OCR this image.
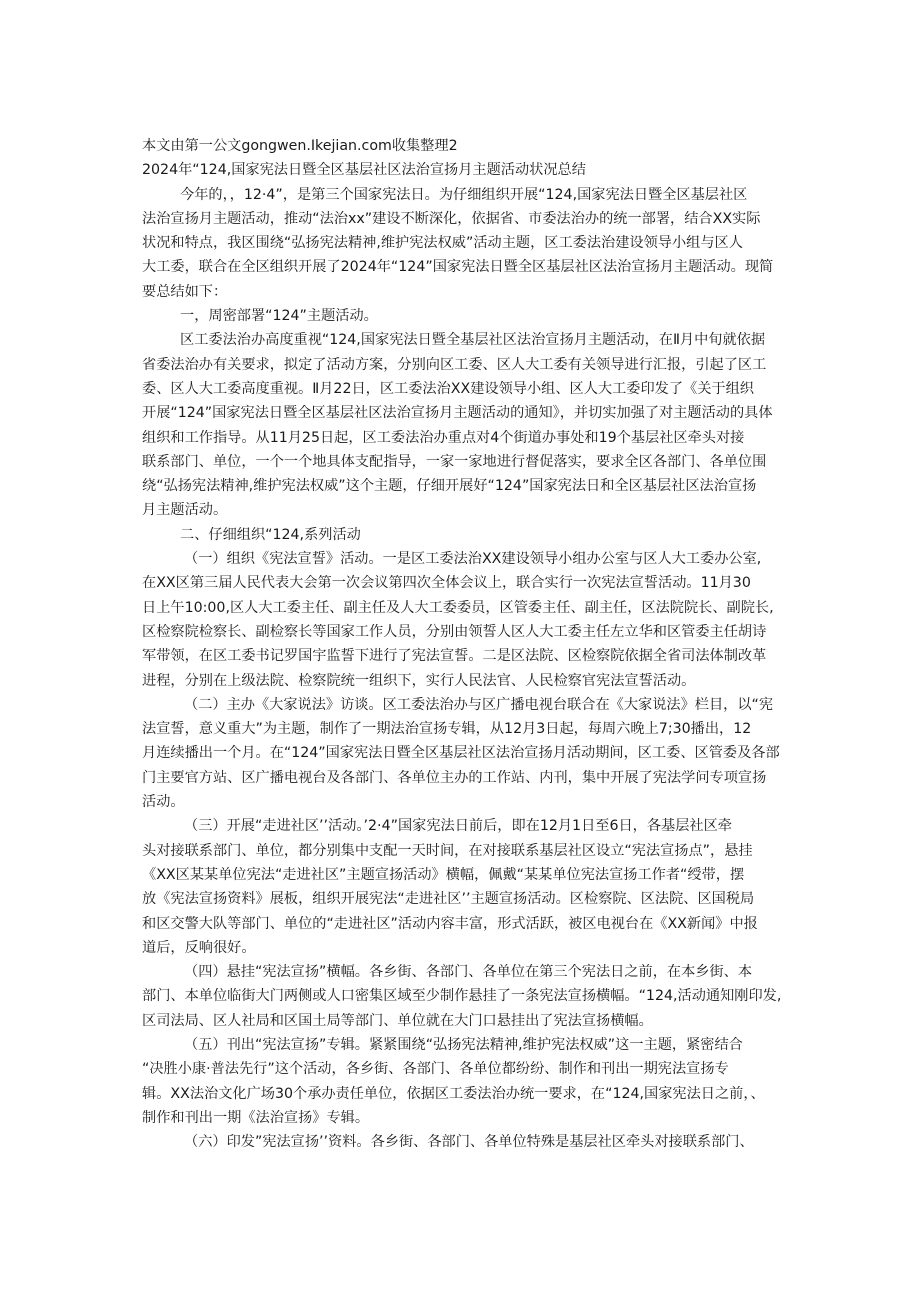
本文由第一公文gongwen.Ikejian.com收集整理2
2024年“124,国家宪法日暨全区基层社区法治宣扬月主题活动状况总结
今年的，，12·4”，是第三个国家宪法日。为仔细组织开展“124,国家宪法日暨全区基层社区
法治宣扬月主题活动，推动“法治xx”建设不断深化，依据省、市委法治办的统一部署，结合XX实际
状况和特点，我区围绕“弘扬宪法精神,维护宪法权威”活动主题，区工委法治建设领导小组与区人
大工委，联合在全区组织开展了2024年“124”国家宪法日暨全区基层社区法治宣扬月主题活动。现简
要总结如下：
一，周密部署“124”主题活动。
区工委法治办高度重视“124,国家宪法日暨全基层社区法治宣扬月主题活动，在Ⅱ月中旬就依据
省委法治办有关要求，拟定了活动方案，分别向区工委、区人大工委有关领导进行汇报，引起了区工
委、区人大工委高度重视。Ⅱ月22日，区工委法治XX建设领导小组、区人大工委印发了《关于组织
开展“124”国家宪法日暨全区基层社区法治宣扬月主题活动的通知》，并切实加强了对主题活动的具体
组织和工作指导。从11月25日起，区工委法治办重点对4个街道办事处和19个基层社区牵头对接
联系部门、单位，一个一个地具体支配指导，一家一家地进行督促落实，要求全区各部门、各单位围
绕“弘扬宪法精神,维护宪法权威”这个主题，仔细开展好“124”国家宪法日和全区基层社区法治宣扬
月主题活动。
二、仔细组织“124,系列活动
（一）组织《宪法宣誓》活动。一是区工委法治XX建设领导小组办公室与区人大工委办公室,
在XX区第三届人民代表大会第一次会议第四次全体会议上，联合实行一次宪法宣誓活动。11月30
日上午10:00,区人大工委主任、副主任及人大工委委员，区管委主任、副主任，区法院院长、副院长,
区检察院检察长、副检察长等国家工作人员，分别由领誓人区人大工委主任左立华和区管委主任胡诗
军带领，在区工委书记罗国宇监誓下进行了宪法宣誓。二是区法院、区检察院依据全省司法体制改革
进程，分别在上级法院、检察院统一组织下，实行人民法官、人民检察官宪法宣誓活动。
（二）主办《大家说法》访谈。区工委法治办与区广播电视台联合在《大家说法》栏目，以“宪
法宣誓，意义重大”为主题，制作了一期法治宣扬专辑，从12月3日起，每周六晚上7;30播出，12
月连续播出一个月。在“124”国家宪法日暨全区基层社区法治宣扬月活动期间，区工委、区管委及各部
门主要官方站、区广播电视台及各部门、各单位主办的工作站、内刊，集中开展了宪法学问专项宣扬
活动。
（三）开展“走进社区’’活动。’2·4”国家宪法日前后，即在12月1日至6日，各基层社区牵
头对接联系部门、单位，都分别集中支配一天时间，在对接联系基层社区设立“宪法宣扬点”，悬挂
《XX区某某单位宪法“走进社区”主题宣扬活动》横幅，佩戴“某某单位宪法宣扬工作者“绶带，摆
放《宪法宣扬资料》展板，组织开展宪法“走进社区’’主题宣扬活动。区检察院、区法院、区国税局
和区交警大队等部门、单位的“走进社区”活动内容丰富，形式活跃，被区电视台在《XX新闻》中报
道后，反响很好。
（四）悬挂“宪法宣扬”横幅。各乡街、各部门、各单位在第三个宪法日之前，在本乡街、本
部门、本单位临街大门两侧或人口密集区域至少制作悬挂了一条宪法宣扬横幅。“124,活动通知刚印发,
区司法局、区人社局和区国土局等部门、单位就在大门口悬挂出了宪法宣扬横幅。
（五）刊出“宪法宣扬”专辑。紧紧围绕“弘扬宪法精神,维护宪法权威”这一主题，紧密结合
“决胜小康·普法先行”这个活动，各乡街、各部门、各单位都纷纷、制作和刊出一期宪法宣扬专
辑。XX法治文化广场30个承办责任单位，依据区工委法治办统一要求，在“124,国家宪法日之前，、
制作和刊出一期《法治宣扬》专辑。
（六）印发”宪法宣扬’’资料。各乡街、各部门、各单位特殊是基层社区牵头对接联系部门、
